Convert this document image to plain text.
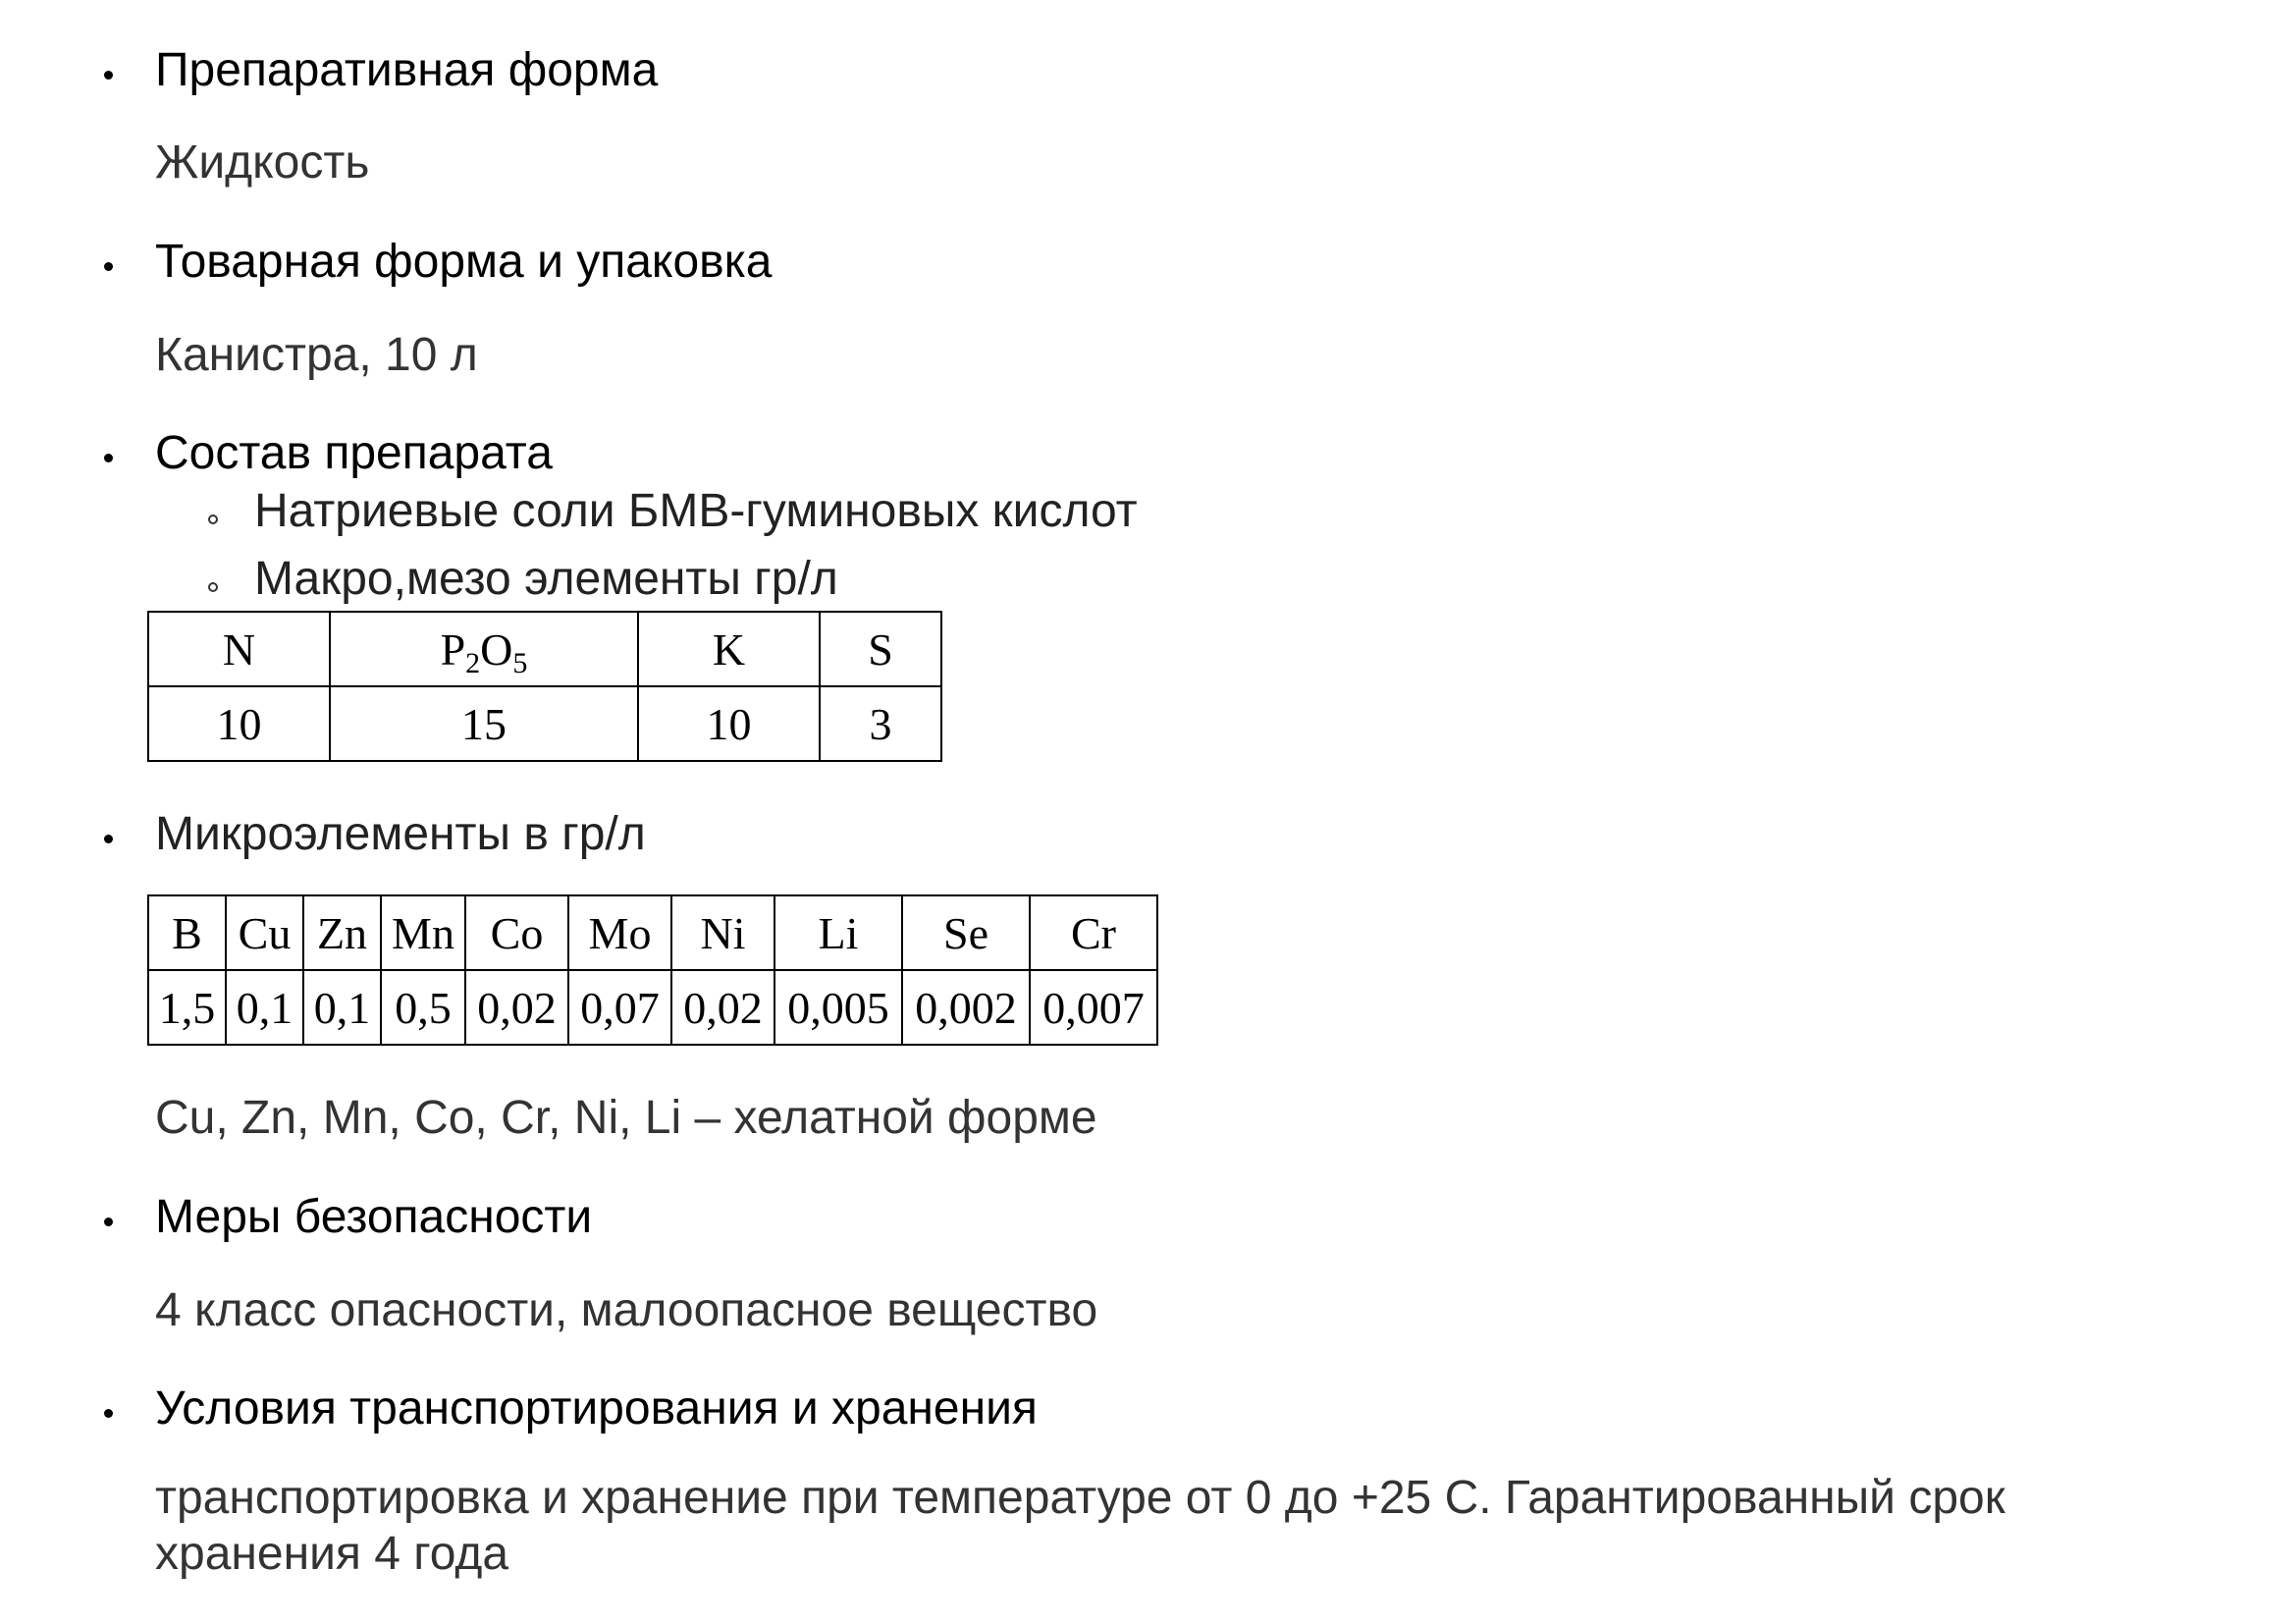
Препаративная форма
Жидкость
Товарная форма и упаковка
Канистра, 10 л
Состав препарата
Натриевые соли БМВ-гуминовых кислот
Макро,мезо элементы гр/л
N	$P_2O_5$	K	S
10	15	10	3
Микроэлементы в гр/л
B	Cu	Zn	Mn	Co	Mo	Ni	Li	Se	Cr
1,5	0,1	0,1	0,5	0,02	0,07	0,02	0,005	0,002	0,007
Cu, Zn, Mn, Co, Cr, Ni, Li – хелатной форме
Меры безопасности
4 класс опасности, малоопасное вещество
Условия транспортирования и хранения
транспортировка и хранение при температуре от 0 до +25 С. Гарантированный срок хранения 4 года
